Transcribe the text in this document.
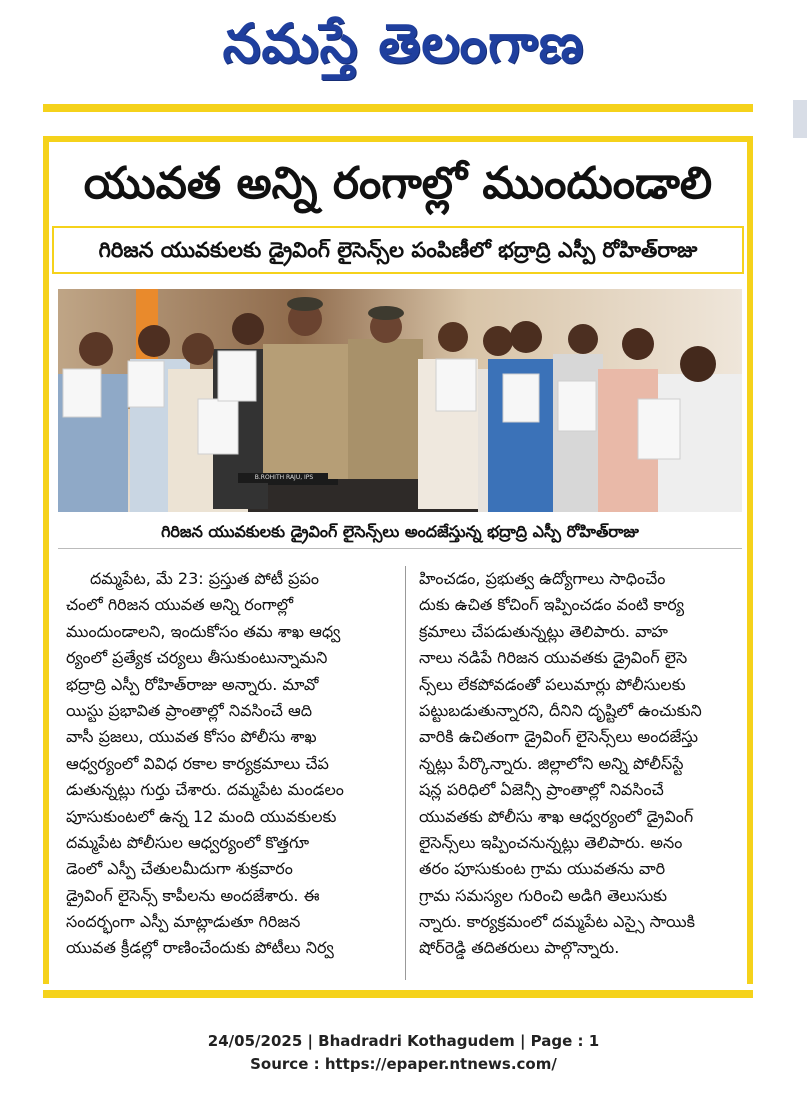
నమస్తే తెలంగాణ
యువత అన్ని రంగాల్లో ముందుండాలి
గిరిజన యువకులకు డ్రైవింగ్ లైసెన్స్‌ల పంపిణీలో భద్రాద్రి ఎస్పీ రోహిత్‌రాజు
B.ROHITH RAJU, IPS
గిరిజన యువకులకు డ్రైవింగ్ లైసెన్స్‌లు అందజేస్తున్న భద్రాద్రి ఎస్పీ రోహిత్‌రాజు
దమ్మపేట, మే 23: ప్రస్తుత పోటీ ప్రపం
చంలో గిరిజన యువత అన్ని రంగాల్లో
ముందుండాలని, ఇందుకోసం తమ శాఖ ఆధ్వ
ర్యంలో ప్రత్యేక చర్యలు తీసుకుంటున్నామని
భద్రాద్రి ఎస్పీ రోహిత్‌రాజు అన్నారు. మావో
యిస్టు ప్రభావిత ప్రాంతాల్లో నివసించే ఆది
వాసీ ప్రజలు, యువత కోసం పోలీసు శాఖ
ఆధ్వర్యంలో వివిధ రకాల కార్యక్రమాలు చేప
డుతున్నట్లు గుర్తు చేశారు. దమ్మపేట మండలం
పూసుకుంటలో ఉన్న 12 మంది యువకులకు
దమ్మపేట పోలీసుల ఆధ్వర్యంలో కొత్తగూ
డెంలో ఎస్పీ చేతులమీదుగా శుక్రవారం
డ్రైవింగ్ లైసెన్స్ కాపీలను అందజేశారు. ఈ
సందర్భంగా ఎస్పీ మాట్లాడుతూ గిరిజన
యువత క్రీడల్లో రాణించేందుకు పోటీలు నిర్వ
హించడం, ప్రభుత్వ ఉద్యోగాలు సాధించేం
దుకు ఉచిత కోచింగ్ ఇప్పించడం వంటి కార్య
క్రమాలు చేపడుతున్నట్లు తెలిపారు. వాహ
నాలు నడిపే గిరిజన యువతకు డ్రైవింగ్ లైసె
న్స్‌లు లేకపోవడంతో పలుమార్లు పోలీసులకు
పట్టుబడుతున్నారని, దీనిని దృష్టిలో ఉంచుకుని
వారికి ఉచితంగా డ్రైవింగ్ లైసెన్స్‌లు అందజేస్తు
న్నట్లు పేర్కొన్నారు. జిల్లాలోని అన్ని పోలీస్‌స్టే
షన్ల పరిధిలో ఏజెన్సీ ప్రాంతాల్లో నివసించే
యువతకు పోలీసు శాఖ ఆధ్వర్యంలో డ్రైవింగ్
లైసెన్స్‌లు ఇప్పించనున్నట్లు తెలిపారు. అనం
తరం పూసుకుంట గ్రామ యువతను వారి
గ్రామ సమస్యల గురించి అడిగి తెలుసుకు
న్నారు. కార్యక్రమంలో దమ్మపేట ఎస్సై సాయికి
షోర్‌రెడ్డి తదితరులు పాల్గొన్నారు.
24/05/2025 | Bhadradri Kothagudem | Page : 1
Source : https://epaper.ntnews.com/
